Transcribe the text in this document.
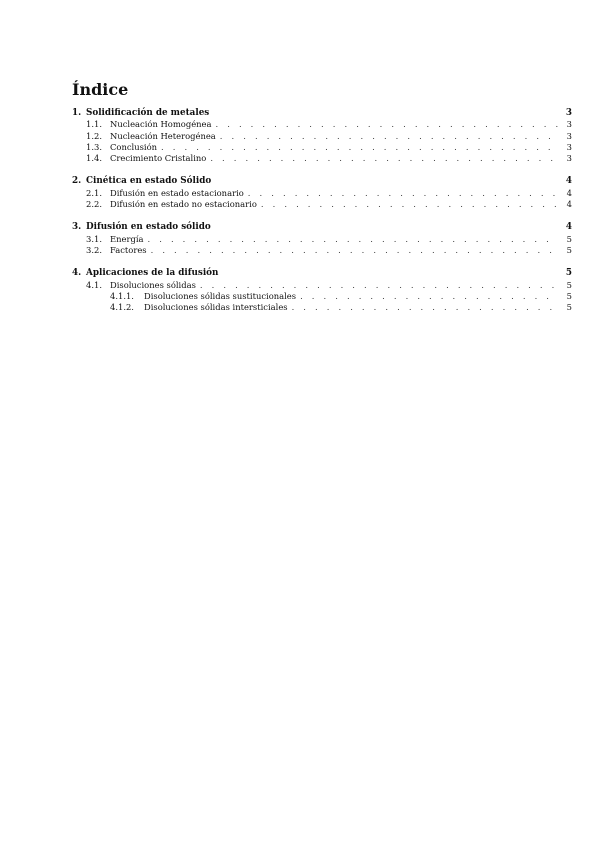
Índice
1. Solidificación de metales	3
1.1. Nucleación Homogénea . . .	3
1.2. Nucleación Heterogénea . . .	3
1.3. Conclusión . . .	3
1.4. Crecimiento Cristalino . . .	3
2. Cinética en estado Sólido	4
2.1. Difusión en estado estacionario . . .	4
2.2. Difusión en estado no estacionario . . .	4
3. Difusión en estado sólido	4
3.1. Energía . . .	5
3.2. Factores . . .	5
4. Aplicaciones de la difusión	5
4.1. Disoluciones sólidas . . .	5
4.1.1.	Disoluciones sólidas sustitucionales . . .	5
4.1.2.	Disoluciones sólidas intersticiales . . .	5
